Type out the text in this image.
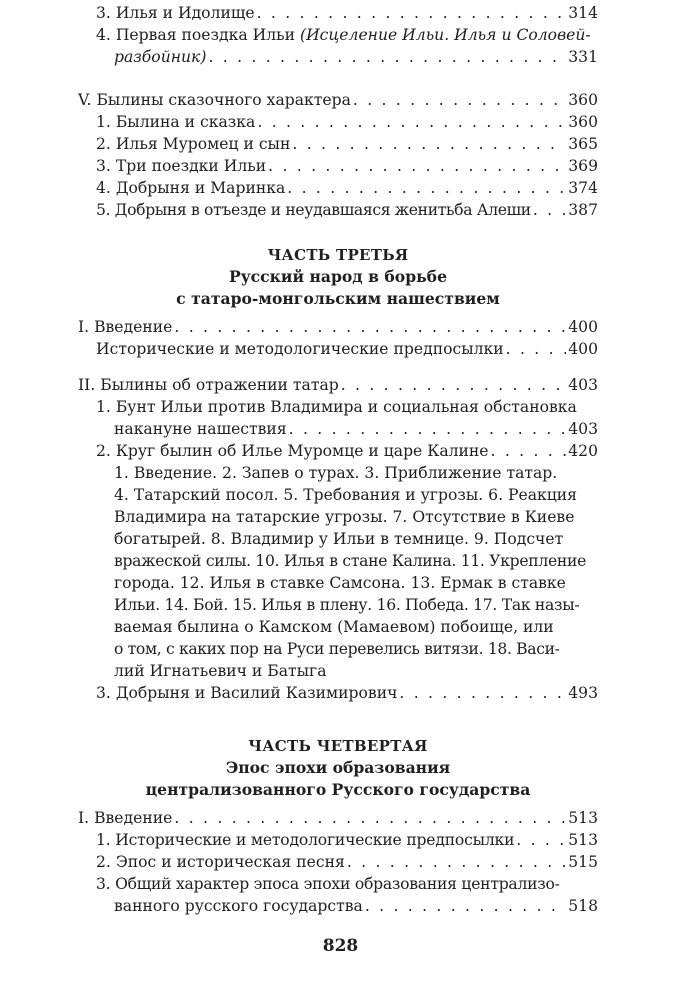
3. Илья и Идолище . . .	314
4. Первая поездка Ильи (Исцеление Ильи. Илья и Соловей-
разбойник) . . .	331
V. Былины сказочного характера . . .	360
1. Былина и сказка . . .	360
2. Илья Муромец и сын . . .	365
3. Три поездки Ильи . . .	369
4. Добрыня и Маринка . . .	374
5. Добрыня в отъезде и неудавшаяся женитьба Алеши . . . 387
ЧАСТЬ ТРЕТЬЯ
Русский народ в борьбе
с татаро-монгольским нашествием
I. Введение . . .	400
Исторические и методологические предпосылки . . .	400
II. Былины об отражении татар . . .	403
1. Бунт Ильи против Владимира и социальная обстановка
накануне нашествия . . .	403
2. Круг былин об Илье Муромце и царе Калине . . .	420
1. Введение. 2. Запев о турах. 3. Приближение татар.
4. Татарский посол. 5. Требования и угрозы. 6. Реакция
Владимира на татарские угрозы. 7. Отсутствие в Киеве
богатырей. 8. Владимир у Ильи в темнице. 9. Подсчет
вражеской силы. 10. Илья в стане Калина. 11. Укрепление
города. 12. Илья в ставке Самсона. 13. Ермак в ставке
Ильи. 14. Бой. 15. Илья в плену. 16. Победа. 17. Так назы-
ваемая былина о Камском (Мамаевом) побоище, или
о том, с каких пор на Руси перевелись витязи. 18. Васи-
лий Игнатьевич и Батыга
3. Добрыня и Василий Казимирович . . .	493
ЧАСТЬ ЧЕТВЕРТАЯ
Эпос эпохи образования
централизованного Русского государства
I. Введение . . .	513
1. Исторические и методологические предпосылки . . .	513
2. Эпос и историческая песня . . .	515
3. Общий характер эпоса эпохи образования централизо-
ванного русского государства . . .	518
828
